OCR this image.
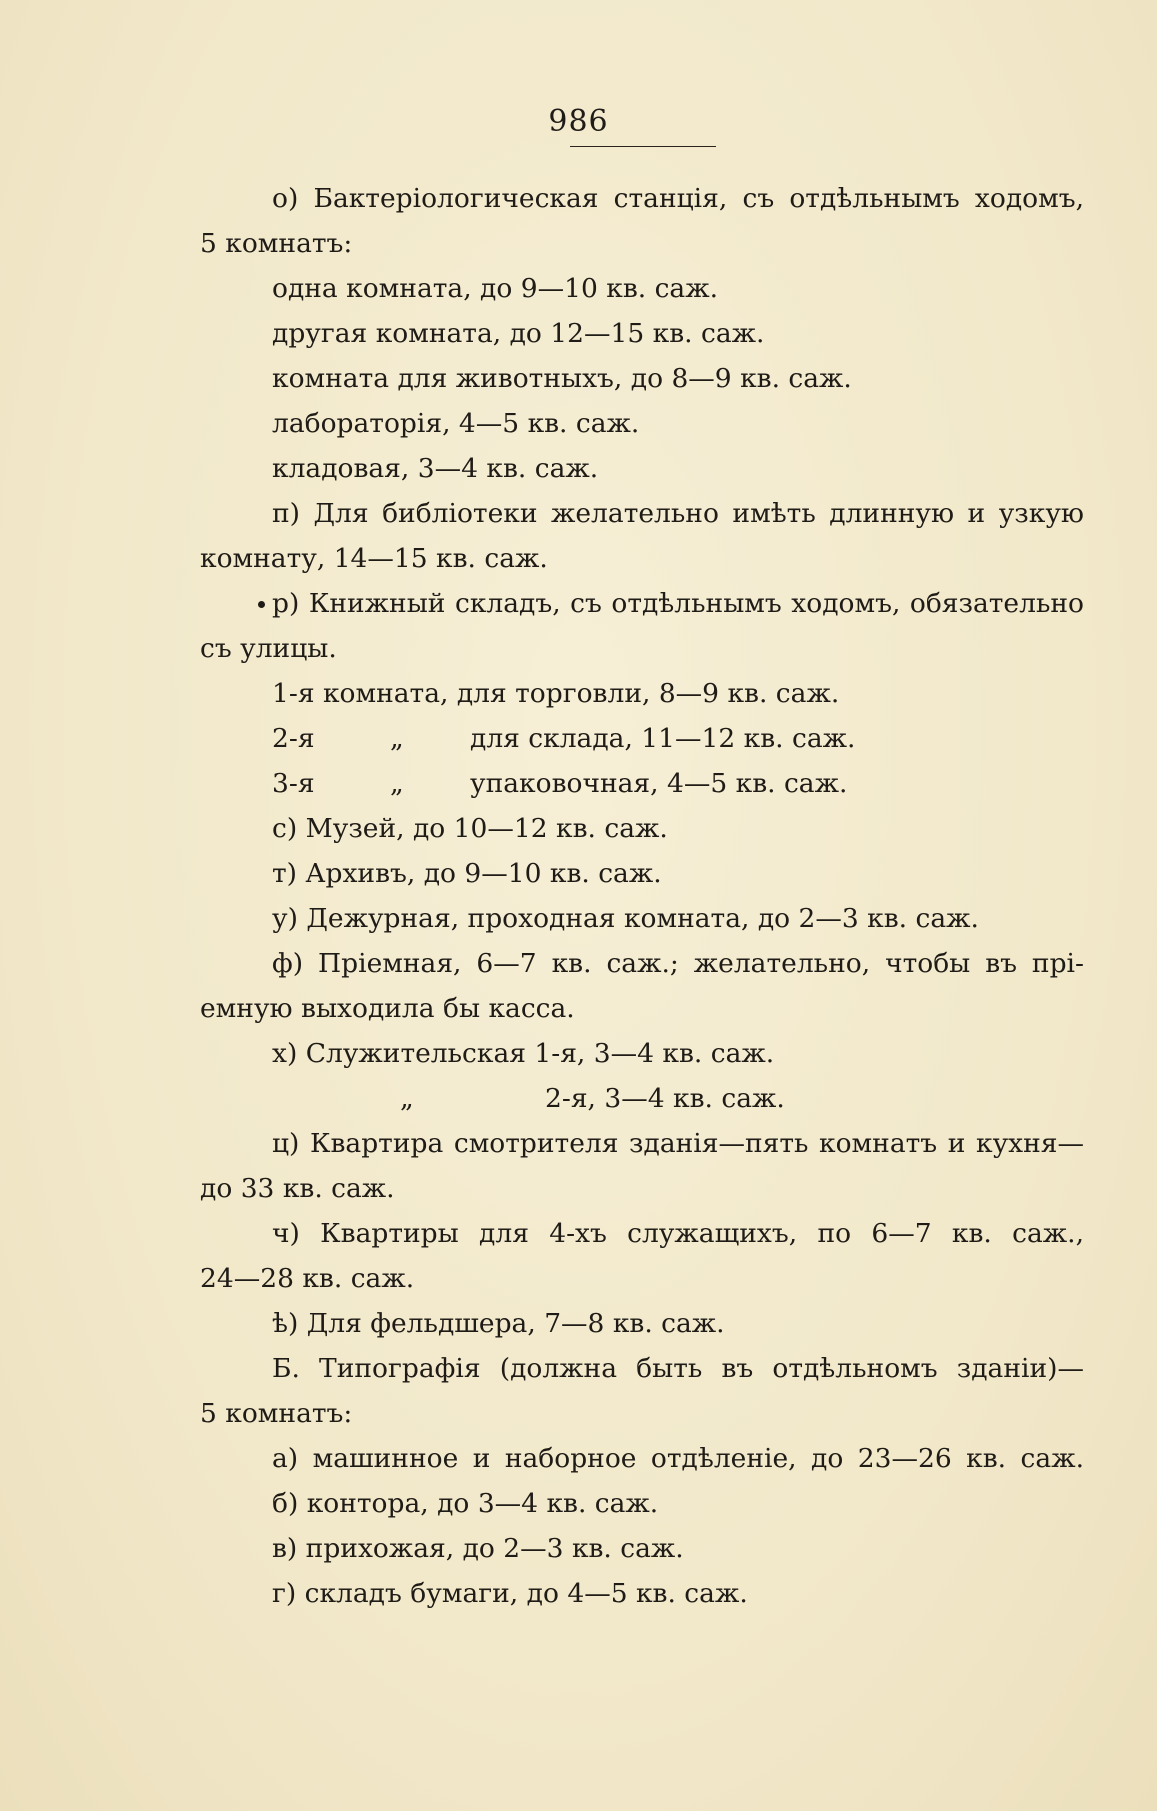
986
о) Бактеріологическая станція, съ отдѣльнымъ ходомъ,
5 комнатъ:
одна комната, до 9—10 кв. саж.
другая комната, до 12—15 кв. саж.
комната для животныхъ, до 8—9 кв. саж.
лабораторія, 4—5 кв. саж.
кладовая, 3—4 кв. саж.
п) Для библіотеки желательно имѣть длинную и узкую
комнату, 14—15 кв. саж.
р) Книжный складъ, съ отдѣльнымъ ходомъ, обязательно
съ улицы.
1-я комната, для торговли, 8—9 кв. саж.
2-я	„	для склада, 11—12 кв. саж.
3-я	„	упаковочная, 4—5 кв. саж.
с) Музей, до 10—12 кв. саж.
т) Архивъ, до 9—10 кв. саж.
у) Дежурная, проходная комната, до 2—3 кв. саж.
ф) Пріемная, 6—7 кв. саж.; желательно, чтобы въ прі-
емную выходила бы касса.
х) Служительская 1-я, 3—4 кв. саж.
„	2-я, 3—4 кв. саж.
ц) Квартира смотрителя зданія—пять комнатъ и кухня—
до 33 кв. саж.
ч) Квартиры для 4-хъ служащихъ, по 6—7 кв. саж.,
24—28 кв. саж.
ѣ) Для фельдшера, 7—8 кв. саж.
Б. Типографія (должна быть въ отдѣльномъ зданіи)—
5 комнатъ:
а) машинное и наборное отдѣленіе, до 23—26 кв. саж.
б) контора, до 3—4 кв. саж.
в) прихожая, до 2—3 кв. саж.
г) складъ бумаги, до 4—5 кв. саж.
